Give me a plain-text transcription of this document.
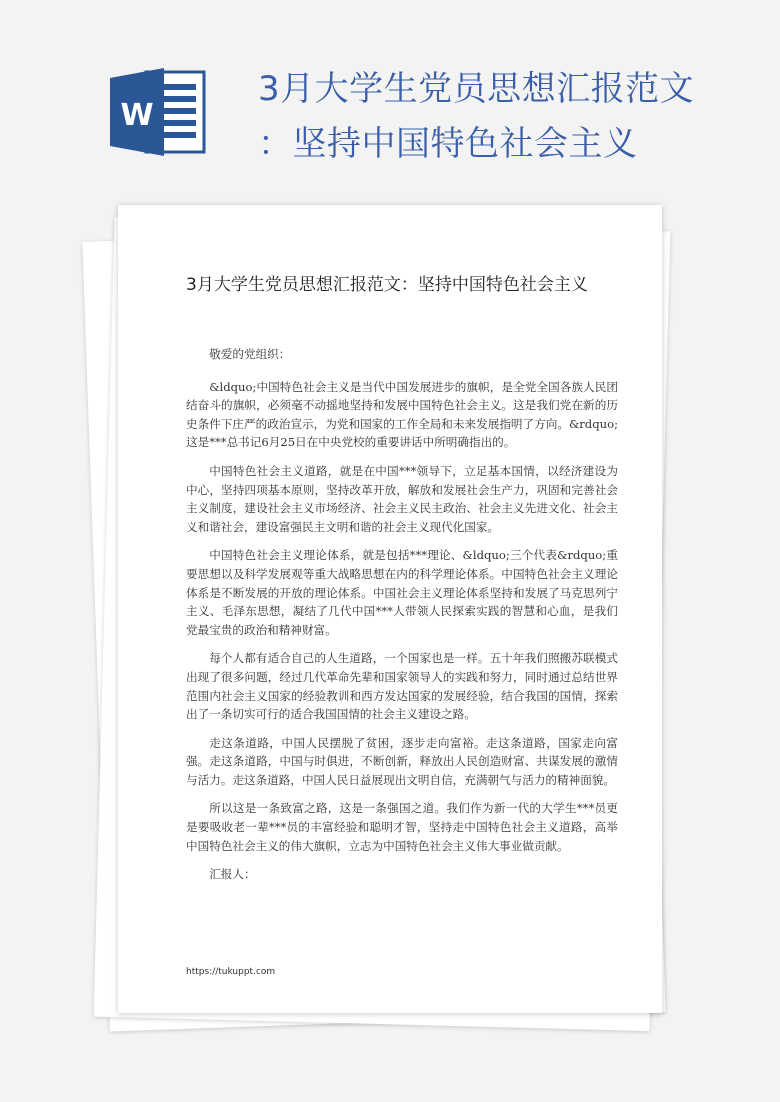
W
3月大学生党员思想汇报范文
：坚持中国特色社会主义
3月大学生党员思想汇报范文：坚持中国特色社会主义

敬爱的党组织：

&ldquo;中国特色社会主义是当代中国发展进步的旗帜，是全党全国各族人民团结奋斗的旗帜，必须毫不动摇地坚持和发展中国特色社会主义。这是我们党在新的历史条件下庄严的政治宣示，为党和国家的工作全局和未来发展指明了方向。&rdquo;这是***总书记6月25日在中央党校的重要讲话中所明确指出的。

中国特色社会主义道路，就是在中国***领导下，立足基本国情，以经济建设为中心，坚持四项基本原则，坚持改革开放，解放和发展社会生产力，巩固和完善社会主义制度，建设社会主义市场经济、社会主义民主政治、社会主义先进文化、社会主义和谐社会，建设富强民主文明和谐的社会主义现代化国家。

中国特色社会主义理论体系，就是包括***理论、&ldquo;三个代表&rdquo;重要思想以及科学发展观等重大战略思想在内的科学理论体系。中国特色社会主义理论体系是不断发展的开放的理论体系。中国社会主义理论体系坚持和发展了马克思列宁主义、毛泽东思想，凝结了几代中国***人带领人民探索实践的智慧和心血，是我们党最宝贵的政治和精神财富。

每个人都有适合自己的人生道路，一个国家也是一样。五十年我们照搬苏联模式出现了很多问题，经过几代革命先辈和国家领导人的实践和努力，同时通过总结世界范围内社会主义国家的经验教训和西方发达国家的发展经验，结合我国的国情，探索出了一条切实可行的适合我国国情的社会主义建设之路。

走这条道路，中国人民摆脱了贫困，逐步走向富裕。走这条道路，国家走向富强。走这条道路，中国与时俱进，不断创新，释放出人民创造财富、共谋发展的激情与活力。走这条道路，中国人民日益展现出文明自信，充满朝气与活力的精神面貌。

所以这是一条致富之路，这是一条强国之道。我们作为新一代的大学生***员更是要吸收老一辈***员的丰富经验和聪明才智，坚持走中国特色社会主义道路，高举中国特色社会主义的伟大旗帜，立志为中国特色社会主义伟大事业做贡献。

汇报人：

https://tukuppt.com
